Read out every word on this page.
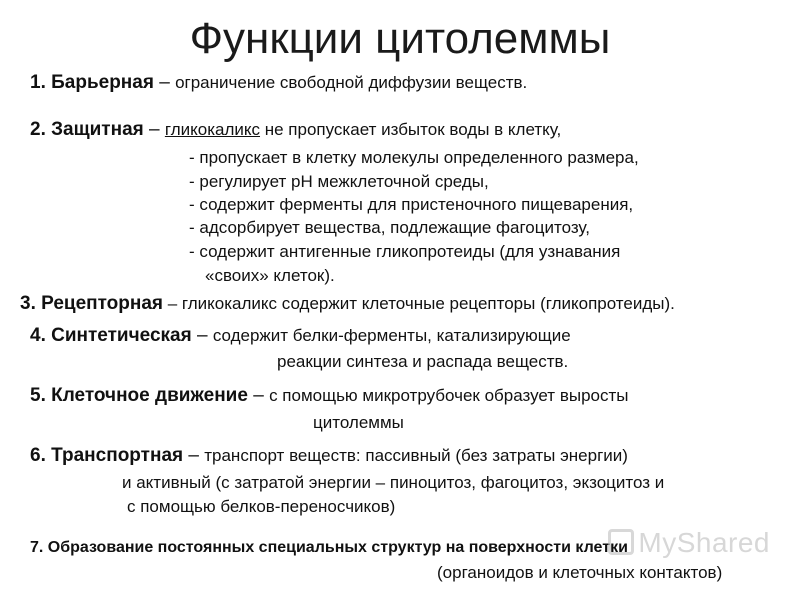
Функции цитолеммы
1. Барьерная – ограничение свободной диффузии веществ.
2. Защитная – гликокаликс не пропускает избыток воды в клетку,
- пропускает в клетку молекулы определенного размера,
- регулирует pH межклеточной среды,
- содержит ферменты для пристеночного пищеварения,
- адсорбирует вещества, подлежащие фагоцитозу,
- содержит антигенные гликопротеиды (для узнавания
«своих» клеток).
3. Рецепторная – гликокаликс содержит клеточные рецепторы (гликопротеиды).
4. Синтетическая – содержит белки-ферменты, катализирующие
реакции синтеза и распада веществ.
5. Клеточное движение – с помощью микротрубочек образует выросты
цитолеммы
6. Транспортная – транспорт веществ: пассивный (без затраты энергии)
и активный (с затратой энергии – пиноцитоз, фагоцитоз, экзоцитоз и
с помощью белков-переносчиков)
7. Образование постоянных специальных структур на поверхности клетки
(органоидов и клеточных контактов)
MyShared
